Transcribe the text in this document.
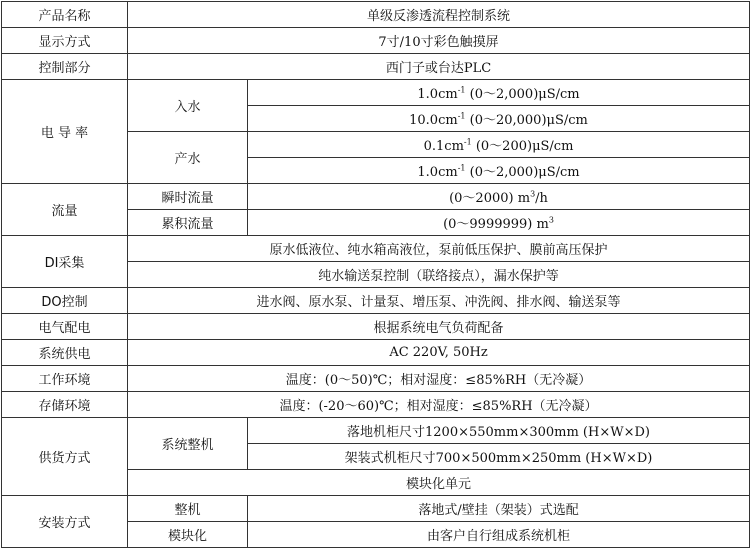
产品名称	单级反渗透流程控制系统	
显示方式	7寸/10寸彩色触摸屏	
控制部分	西门子或台达PLC	
电 导 率	入水	$1.0cm^{-1}$ (0～2,000)μS/cm
		$10.0cm^{-1}$ (0～20,000)μS/cm
	产水	$0.1cm^{-1}$ (0～200)μS/cm
		$1.0cm^{-1}$ (0～2,000)μS/cm
流量	瞬时流量	(0～2000) $m^3/h$
	累积流量	(0～9999999) $m^3$
DI采集	原水低液位、纯水箱高液位，泵前低压保护、膜前高压保护	
	纯水输送泵控制（联络接点），漏水保护等	
DO控制	进水阀、原水泵、计量泵、增压泵、冲洗阀、排水阀、输送泵等	
电气配电	根据系统电气负荷配备	
系统供电	AC 220V, 50Hz	
工作环境	温度：(0～50)℃；相对湿度：≤85%RH（无冷凝）	
存储环境	温度：(-20～60)℃；相对湿度：≤85%RH（无冷凝）	
供货方式	系统整机	落地机柜尺寸1200×550mm×300mm (H×W×D)
		架装式机柜尺寸700×500mm×250mm (H×W×D)
	模块化单元	
安装方式	整机	落地式/壁挂（架装）式选配
	模块化	由客户自行组成系统机柜
